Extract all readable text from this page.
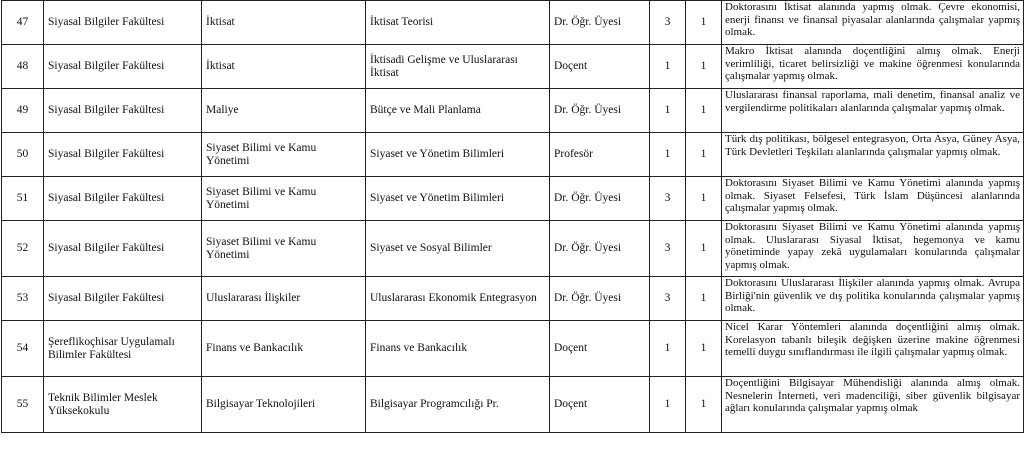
47	Siyasal Bilgiler Fakültesi	İktisat	İktisat Teorisi	Dr. Öğr. Üyesi	3	1	Doktorasını İktisat alanında yapmış olmak. Çevre ekonomisi, enerji finansı ve finansal piyasalar alanlarında çalışmalar yapmış olmak.
48	Siyasal Bilgiler Fakültesi	İktisat	İktisadi Gelişme ve Uluslararası İktisat	Doçent	1	1	Makro İktisat alanında doçentliğini almış olmak. Enerji verimliliği, ticaret belirsizliği ve makine öğrenmesi konularında çalışmalar yapmış olmak.
49	Siyasal Bilgiler Fakültesi	Maliye	Bütçe ve Mali Planlama	Dr. Öğr. Üyesi	1	1	Uluslararası finansal raporlama, mali denetim, finansal analiz ve vergilendirme politikaları alanlarında çalışmalar yapmış olmak.
50	Siyasal Bilgiler Fakültesi	Siyaset Bilimi ve Kamu Yönetimi	Siyaset ve Yönetim Bilimleri	Profesör	1	1	Türk dış politikası, bölgesel entegrasyon, Orta Asya, Güney Asya, Türk Devletleri Teşkilatı alanlarında çalışmalar yapmış olmak.
51	Siyasal Bilgiler Fakültesi	Siyaset Bilimi ve Kamu Yönetimi	Siyaset ve Yönetim Bilimleri	Dr. Öğr. Üyesi	3	1	Doktorasını Siyaset Bilimi ve Kamu Yönetimi alanında yapmış olmak. Siyaset Felsefesi, Türk İslam Düşüncesi alanlarında çalışmalar yapmış olmak.
52	Siyasal Bilgiler Fakültesi	Siyaset Bilimi ve Kamu Yönetimi	Siyaset ve Sosyal Bilimler	Dr. Öğr. Üyesi	3	1	Doktorasını Siyaset Bilimi ve Kamu Yönetimi alanında yapmış olmak. Uluslararası Siyasal İktisat, hegemonya ve kamu yönetiminde yapay zekâ uygulamaları konularında çalışmalar yapmış olmak.
53	Siyasal Bilgiler Fakültesi	Uluslararası İlişkiler	Uluslararası Ekonomik Entegrasyon	Dr. Öğr. Üyesi	3	1	Doktorasını Uluslararası İlişkiler alanında yapmış olmak. Avrupa Birliği'nin güvenlik ve dış politika konularında çalışmalar yapmış olmak.
54	Şereflikoçhisar Uygulamalı Bilimler Fakültesi	Finans ve Bankacılık	Finans ve Bankacılık	Doçent	1	1	Nicel Karar Yöntemleri alanında doçentliğini almış olmak. Korelasyon tabanlı bileşik değişken üzerine makine öğrenmesi temelli duygu sınıflandırması ile ilgili çalışmalar yapmış olmak.
55	Teknik Bilimler Meslek Yüksekokulu	Bilgisayar Teknolojileri	Bilgisayar Programcılığı Pr.	Doçent	1	1	Doçentliğini Bilgisayar Mühendisliği alanında almış olmak. Nesnelerin İnterneti, veri madenciliği, siber güvenlik bilgisayar ağları konularında çalışmalar yapmış olmak
